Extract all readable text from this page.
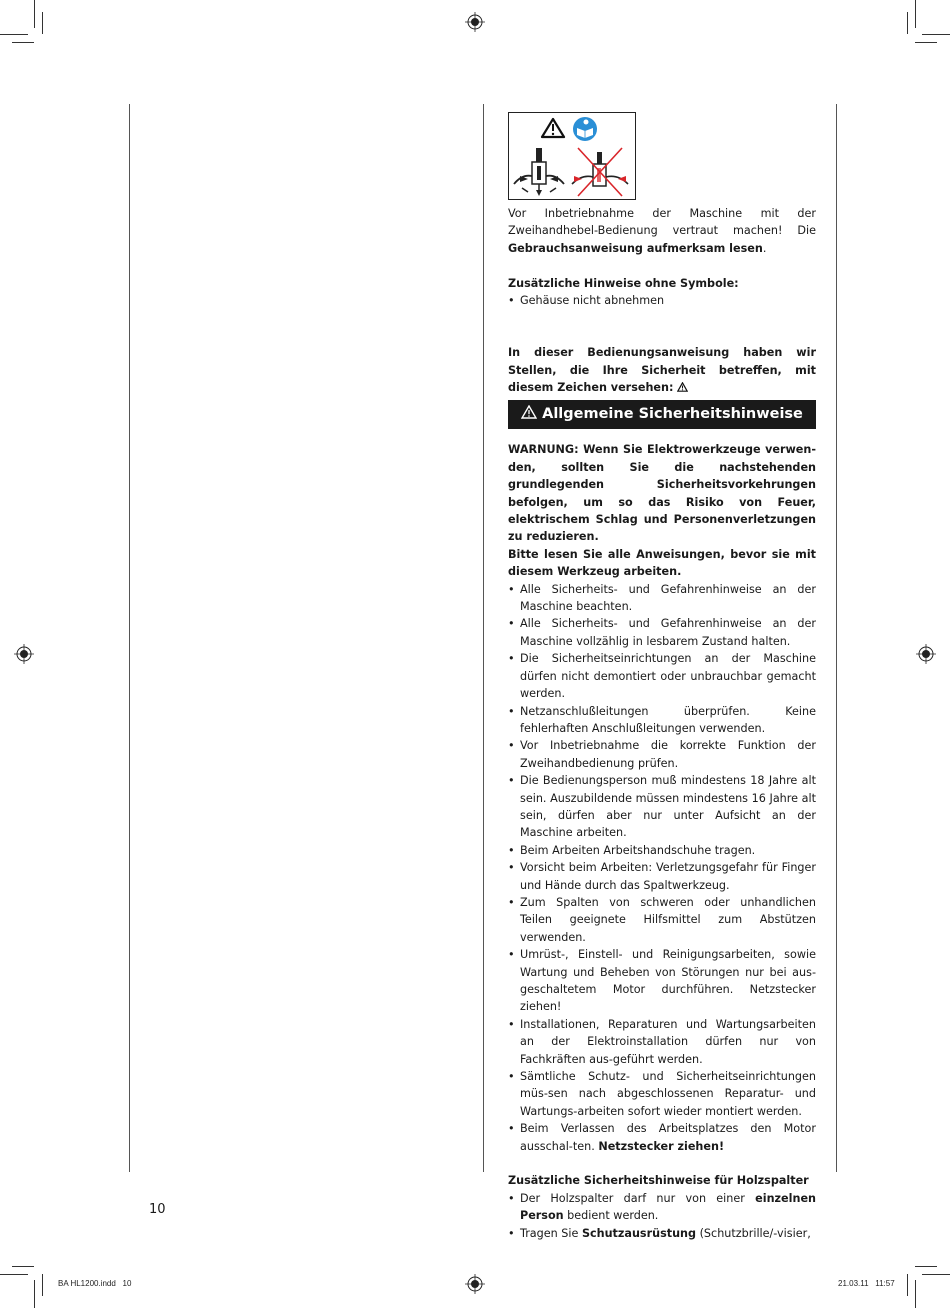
Vor Inbetriebnahme der Maschine mit der Zweihandhebel-Bedienung vertraut machen! Die Gebrauchsanweisung aufmerksam lesen.

Zusätzliche Hinweise ohne Symbole:

• Gehäuse nicht abnehmen

In dieser Bedienungsanweisung haben wir Stellen, die Ihre Sicherheit betreffen, mit diesem Zeichen versehen:

Allgemeine Sicherheitshinweise

WARNUNG: Wenn Sie Elektrowerkzeuge verwen-den, sollten Sie die nachstehenden grundlegenden Sicherheitsvorkehrungen befolgen, um so das Risiko von Feuer, elektrischem Schlag und Personenverletzungen zu reduzieren.

Bitte lesen Sie alle Anweisungen, bevor sie mit diesem Werkzeug arbeiten.

• Alle Sicherheits- und Gefahrenhinweise an der Maschine beachten.
• Alle Sicherheits- und Gefahrenhinweise an der Maschine vollzählig in lesbarem Zustand halten.
• Die Sicherheitseinrichtungen an der Maschine dürfen nicht demontiert oder unbrauchbar gemacht werden.
• Netzanschlußleitungen überprüfen. Keine fehlerhaften Anschlußleitungen verwenden.
• Vor Inbetriebnahme die korrekte Funktion der Zweihandbedienung prüfen.
• Die Bedienungsperson muß mindestens 18 Jahre alt sein. Auszubildende müssen mindestens 16 Jahre alt sein, dürfen aber nur unter Aufsicht an der Maschine arbeiten.
• Beim Arbeiten Arbeitshandschuhe tragen.
• Vorsicht beim Arbeiten: Verletzungsgefahr für Finger und Hände durch das Spaltwerkzeug.
• Zum Spalten von schweren oder unhandlichen Teilen geeignete Hilfsmittel zum Abstützen verwenden.
• Umrüst-, Einstell- und Reinigungsarbeiten, sowie Wartung und Beheben von Störungen nur bei aus-geschaltetem Motor durchführen. Netzstecker ziehen!
• Installationen, Reparaturen und Wartungsarbeiten an der Elektroinstallation dürfen nur von Fachkräften aus-geführt werden.
• Sämtliche Schutz- und Sicherheitseinrichtungen müs-sen nach abgeschlossenen Reparatur- und Wartungs-arbeiten sofort wieder montiert werden.
• Beim Verlassen des Arbeitsplatzes den Motor ausschal-ten. Netzstecker ziehen!

Zusätzliche Sicherheitshinweise für Holzspalter

• Der Holzspalter darf nur von einer einzelnen Person bedient werden.
• Tragen Sie Schutzausrüstung (Schutzbrille/-visier,
10
BA HL1200.indd   10	21.03.11   11:57
